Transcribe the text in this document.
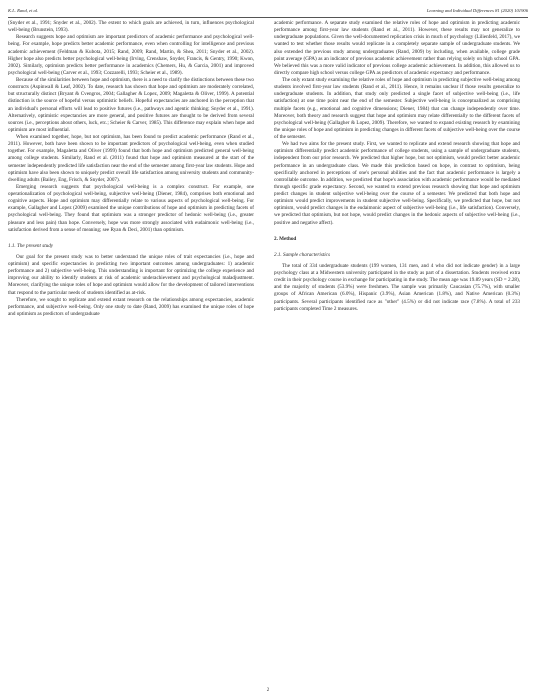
K.L. Rand, et al.	Learning and Individual Differences 81 (2020) 101906

(Snyder et al., 1991; Snyder et al., 2002). The extent to which goals are achieved, in turn, influences psychological well-being (Brunstein, 1993).

Research suggests hope and optimism are important predictors of academic performance and psychological well-being. For example, hope predicts better academic performance, even when controlling for intelligence and previous academic achievement (Feldman & Kubota, 2015; Rand, 2009; Rand, Martin, & Shea, 2011; Snyder et al., 2002). Higher hope also predicts better psychological well-being (Irving, Crenshaw, Snyder, Francis, & Gentry, 1990; Kwon, 2002). Similarly, optimism predicts better performance in academics (Chemers, Hu, & Garcia, 2001) and improved psychological well-being (Carver et al., 1993; Cozzarelli, 1993; Scheier et al., 1989).

Because of the similarities between hope and optimism, there is a need to clarify the distinctions between these two constructs (Aspinwall & Leaf, 2002). To date, research has shown that hope and optimism are moderately correlated, but structurally distinct (Bryant & Cvengros, 2004; Gallagher & Lopez, 2009; Magaletta & Oliver, 1999). A potential distinction is the source of hopeful versus optimistic beliefs. Hopeful expectancies are anchored in the perception that an individual's personal efforts will lead to positive futures (i.e., pathways and agentic thinking; Snyder et al., 1991). Alternatively, optimistic expectancies are more general, and positive futures are thought to be derived from several sources (i.e., perceptions about others, luck, etc.; Scheier & Carver, 1985). This difference may explain when hope and optimism are most influential.

When examined together, hope, but not optimism, has been found to predict academic performance (Rand et al., 2011). However, both have been shown to be important predictors of psychological well-being, even when studied together. For example, Magaletta and Oliver (1999) found that both hope and optimism predicted general well-being among college students. Similarly, Rand et al. (2011) found that hope and optimism measured at the start of the semester independently predicted life satisfaction near the end of the semester among first-year law students. Hope and optimism have also been shown to uniquely predict overall life satisfaction among university students and community-dwelling adults (Bailey, Eng, Frisch, & Snyder, 2007).

Emerging research suggests that psychological well-being is a complex construct. For example, one operationalization of psychological well-being, subjective well-being (Diener, 1984), comprises both emotional and cognitive aspects. Hope and optimism may differentially relate to various aspects of psychological well-being. For example, Gallagher and Lopez (2009) examined the unique contributions of hope and optimism in predicting facets of psychological well-being. They found that optimism was a stronger predictor of hedonic well-being (i.e., greater pleasure and less pain) than hope. Conversely, hope was more strongly associated with eudaimonic well-being (i.e., satisfaction derived from a sense of meaning; see Ryan & Deci, 2001) than optimism.

1.1. The present study

Our goal for the present study was to better understand the unique roles of trait expectancies (i.e., hope and optimism) and specific expectancies in predicting two important outcomes among undergraduates: 1) academic performance and 2) subjective well-being. This understanding is important for optimizing the college experience and improving our ability to identify students at risk of academic underachievement and psychological maladjustment. Moreover, clarifying the unique roles of hope and optimism would allow for the development of tailored interventions that respond to the particular needs of students identified as at-risk.

Therefore, we sought to replicate and extend extant research on the relationships among expectancies, academic performance, and subjective well-being. Only one study to date (Rand, 2009) has examined the unique roles of hope and optimism as predictors of undergraduate

academic performance. A separate study examined the relative roles of hope and optimism in predicting academic performance among first-year law students (Rand et al., 2011). However, these results may not generalize to undergraduate populations. Given the well-documented replication crisis in much of psychology (Lilienfeld, 2017), we wanted to test whether those results would replicate in a completely separate sample of undergraduate students. We also extended the previous study among undergraduates (Rand, 2009) by including, when available, college grade point average (GPA) as an indicator of previous academic achievement rather than relying solely on high school GPA. We believed this was a more valid indicator of previous college academic achievement. In addition, this allowed us to directly compare high school versus college GPA as predictors of academic expectancy and performance.

The only extant study examining the relative roles of hope and optimism in predicting subjective well-being among students involved first-year law students (Rand et al., 2011). Hence, it remains unclear if those results generalize to undergraduate students. In addition, that study only predicted a single facet of subjective well-being (i.e., life satisfaction) at one time point near the end of the semester. Subjective well-being is conceptualized as comprising multiple facets (e.g., emotional and cognitive dimensions; Diener, 1984) that can change independently over time. Moreover, both theory and research suggest that hope and optimism may relate differentially to the different facets of psychological well-being (Gallagher & Lopez, 2009). Therefore, we wanted to expand existing research by examining the unique roles of hope and optimism in predicting changes in different facets of subjective well-being over the course of the semester.

We had two aims for the present study. First, we wanted to replicate and extend research showing that hope and optimism differentially predict academic performance of college students, using a sample of undergraduate students, independent from our prior research. We predicted that higher hope, but not optimism, would predict better academic performance in an undergraduate class. We made this prediction based on hope, in contrast to optimism, being specifically anchored in perceptions of one's personal abilities and the fact that academic performance is largely a controllable outcome. In addition, we predicted that hope's association with academic performance would be mediated through specific grade expectancy. Second, we wanted to extend previous research showing that hope and optimism predict changes in student subjective well-being over the course of a semester. We predicted that both hope and optimism would predict improvements in student subjective well-being. Specifically, we predicted that hope, but not optimism, would predict changes in the eudaimonic aspect of subjective well-being (i.e., life satisfaction). Conversely, we predicted that optimism, but not hope, would predict changes in the hedonic aspects of subjective well-being (i.e., positive and negative affect).

2. Method
2.1. Sample characteristics

The total of 334 undergraduate students (199 women, 131 men, and 4 who did not indicate gender) in a large psychology class at a Midwestern university participated in the study as part of a dissertation. Students received extra credit in their psychology course in exchange for participating in the study. The mean age was 19.89 years (SD = 2.28), and the majority of students (53.9%) were freshmen. The sample was primarily Caucasian (75.7%), with smaller groups of African American (6.0%), Hispanic (3.9%), Asian American (1.8%), and Native American (0.3%) participants. Several participants identified race as "other" (4.5%) or did not indicate race (7.8%). A total of 233 participants completed Time 2 measures.

2
